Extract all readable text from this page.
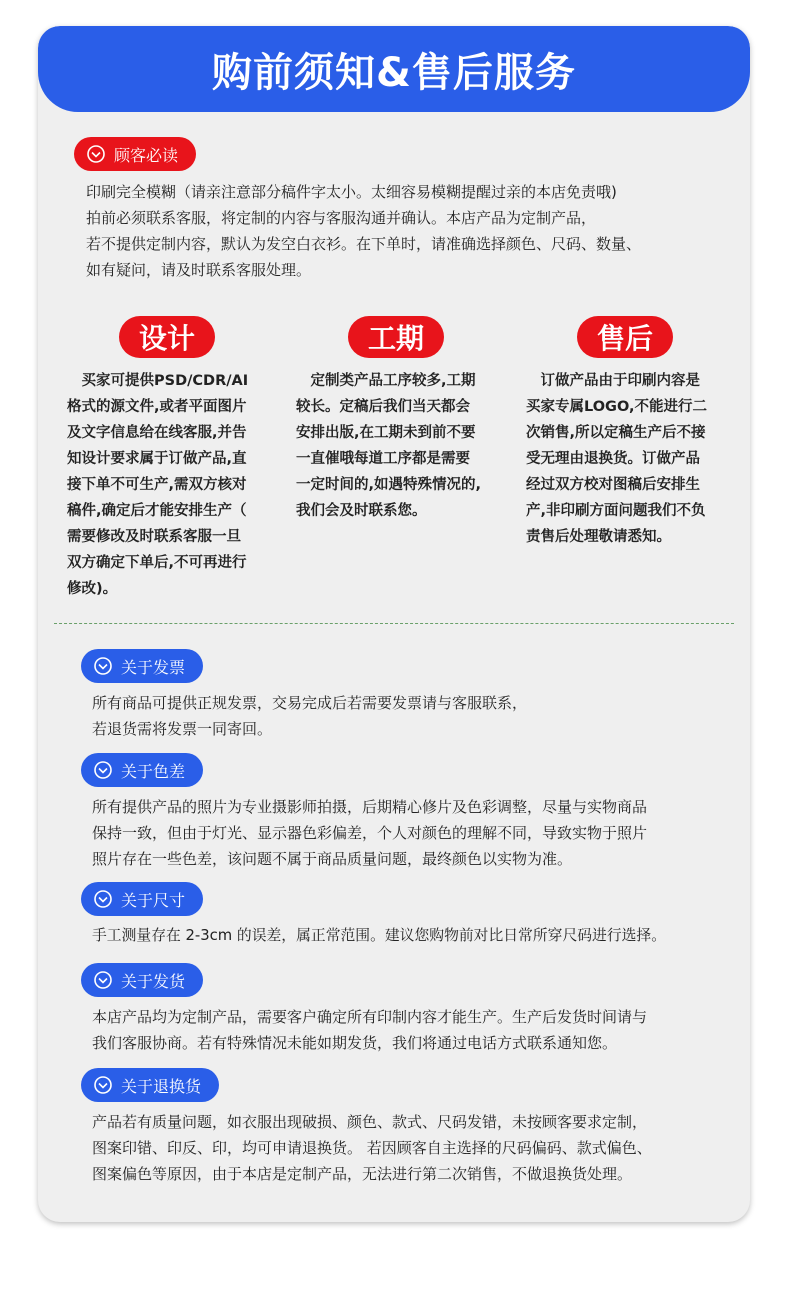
购前须知&售后服务
顾客必读
印刷完全模糊（请亲注意部分稿件字太小。太细容易模糊提醒过亲的本店免责哦)
拍前必须联系客服，将定制的内容与客服沟通并确认。本店产品为定制产品，
若不提供定制内容，默认为发空白衣衫。在下单时，请准确选择颜色、尺码、数量、
如有疑问，请及时联系客服处理。
设计
　买家可提供PSD/CDR/AI
格式的源文件,或者平面图片
及文字信息给在线客服,并告
知设计要求属于订做产品,直
接下单不可生产,需双方核对
稿件,确定后才能安排生产（
需要修改及时联系客服一旦
双方确定下单后,不可再进行
修改)。
工期
　定制类产品工序较多,工期
较长。定稿后我们当天都会
安排出版,在工期未到前不要
一直催哦每道工序都是需要
一定时间的,如遇特殊情况的,
我们会及时联系您。
售后
　订做产品由于印刷内容是
买家专属LOGO,不能进行二
次销售,所以定稿生产后不接
受无理由退换货。订做产品
经过双方校对图稿后安排生
产,非印刷方面问题我们不负
责售后处理敬请悉知。
关于发票
所有商品可提供正规发票，交易完成后若需要发票请与客服联系，
若退货需将发票一同寄回。
关于色差
所有提供产品的照片为专业摄影师拍摄，后期精心修片及色彩调整，尽量与实物商品
保持一致，但由于灯光、显示器色彩偏差，个人对颜色的理解不同，导致实物于照片
照片存在一些色差，该问题不属于商品质量问题，最终颜色以实物为准。
关于尺寸
手工测量存在 2-3cm 的误差，属正常范围。建议您购物前对比日常所穿尺码进行选择。
关于发货
本店产品均为定制产品，需要客户确定所有印制内容才能生产。生产后发货时间请与
我们客服协商。若有特殊情况未能如期发货，我们将通过电话方式联系通知您。
关于退换货
产品若有质量问题，如衣服出现破损、颜色、款式、尺码发错，未按顾客要求定制，
图案印错、印反、印，均可申请退换货。 若因顾客自主选择的尺码偏码、款式偏色、
图案偏色等原因，由于本店是定制产品，无法进行第二次销售，不做退换货处理。
